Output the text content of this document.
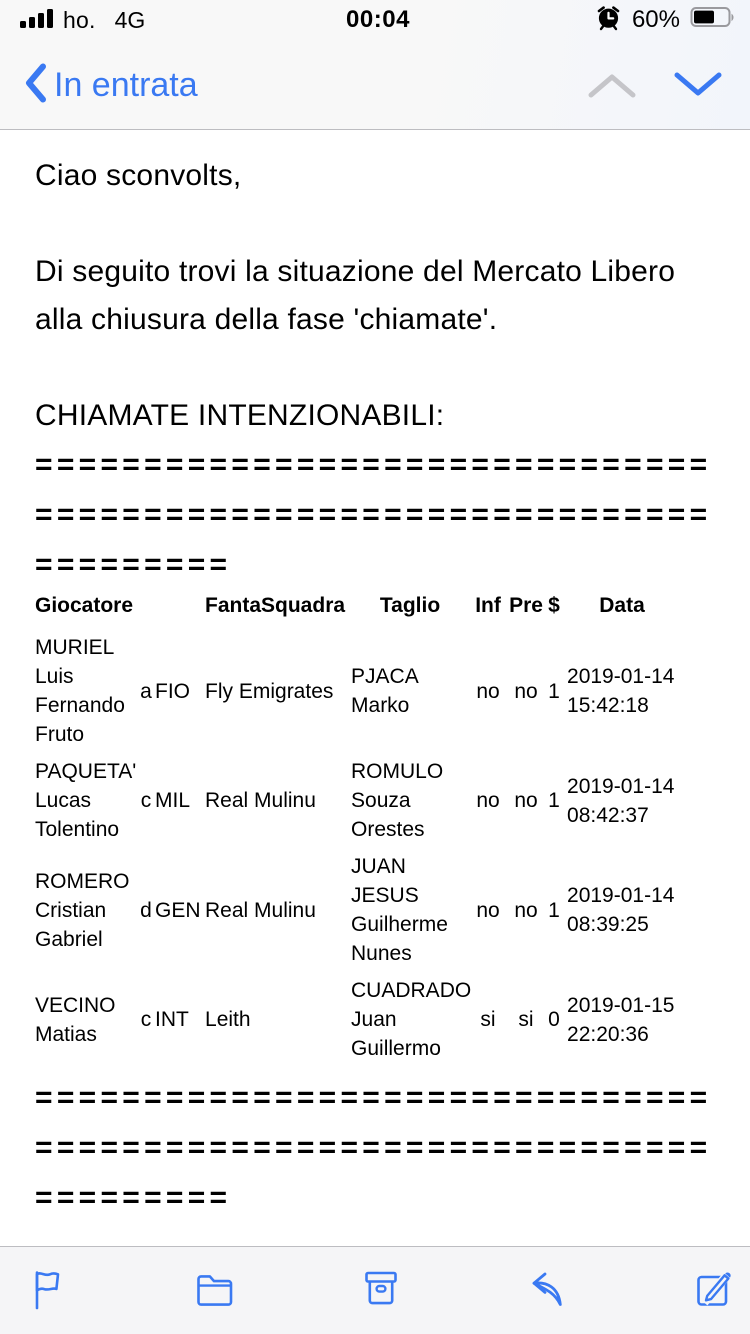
ho. 4G	00:04	60%
In entrata

Ciao sconvolts,

Di seguito trovi la situazione del Mercato Libero alla chiusura della fase 'chiamate'.

CHIAMATE INTENZIONABILI:

===============================
===============================
=========
Giocatore			FantaSquadra	Taglio	Inf	Pre	$	Data
MURIEL Luis Fernando Fruto	a	FIO	Fly Emigrates	PJACA Marko	no	no	1	2019-01-14 15:42:18
PAQUETA' Lucas Tolentino	c	MIL	Real Mulinu	ROMULO Souza Orestes	no	no	1	2019-01-14 08:42:37
ROMERO Cristian Gabriel	d	GEN	Real Mulinu	JUAN JESUS Guilherme Nunes	no	no	1	2019-01-14 08:39:25
VECINO Matias	c	INT	Leith	CUADRADO Juan Guillermo	si	si	0	2019-01-15 22:20:36
===============================
===============================
=========
